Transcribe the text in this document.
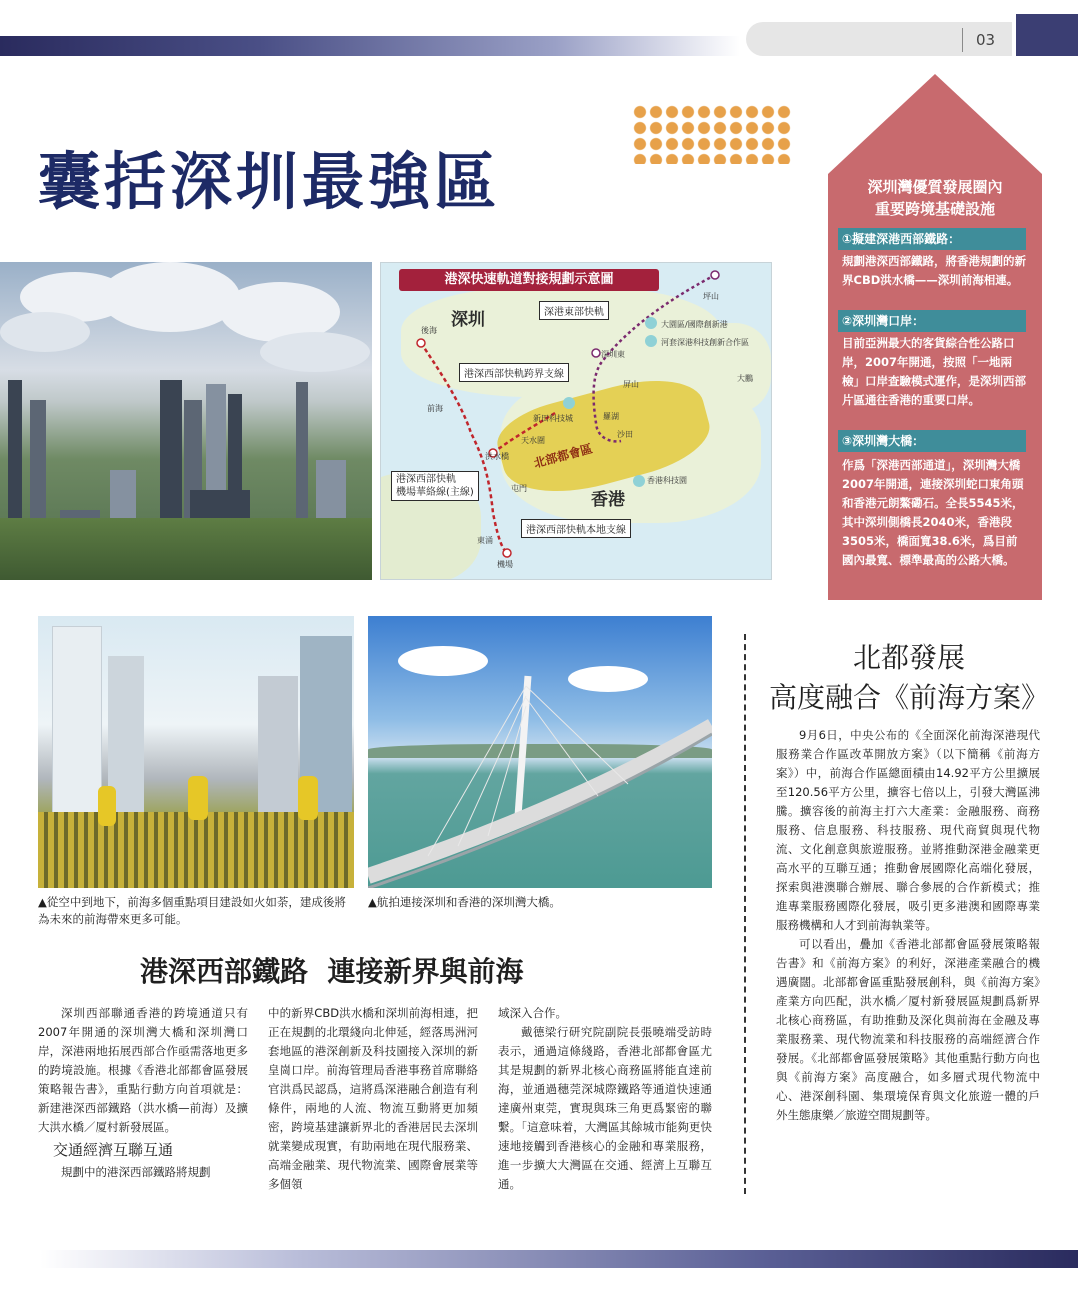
03
囊括深圳最強區
北部都會區
港深快速軌道對接規劃示意圖
深圳
香港
深港東部快軌
港深西部快軌跨界支線
港深西部快軌
機場華絡線(主線)
港深西部快軌本地支線
前海
天水圍
洪水橋
屯門
新田科技城
東涌
機場
羅湖
沙田
香港科技園
坪山
深圳東
大鵬
屏山
大園區/國際創新港
河套深港科技創新合作區
後海
深圳灣優質發展圈內
重要跨境基礎設施
①擬建深港西部鐵路：
規劃港深西部鐵路，將香港規劃的新界CBD洪水橋——深圳前海相連。
②深圳灣口岸：
目前亞洲最大的客貨綜合性公路口岸，2007年開通，按照「一地兩檢」口岸查驗模式運作，是深圳西部片區通往香港的重要口岸。
③深圳灣大橋：
作爲「深港西部通道」，深圳灣大橋2007年開通，連接深圳蛇口東角頭和香港元朗鰲磡石。全長5545米，其中深圳側橋長2040米，香港段3505米，橋面寬38.6米，爲目前國內最寬、標準最高的公路大橋。
▲從空中到地下，前海多個重點項目建設如火如荼，建成後將為未來的前海帶來更多可能。
▲航拍連接深圳和香港的深圳灣大橋。
港深西部鐵路  連接新界與前海

深圳西部聯通香港的跨境通道只有2007年開通的深圳灣大橋和深圳灣口岸，深港兩地拓展西部合作亟需落地更多的跨境設施。根據《香港北部都會區發展策略報告書》，重點行動方向首項就是：新建港深西部鐵路（洪水橋—前海）及擴大洪水橋／厦村新發展區。

交通經濟互聯互通

規劃中的港深西部鐵路將規劃

中的新界CBD洪水橋和深圳前海相連，把正在規劃的北環綫向北伸延，經落馬洲河套地區的港深創新及科技園接入深圳的新皇崗口岸。前海管理局香港事務首席聯絡官洪爲民認爲，這將爲深港融合創造有利條件，兩地的人流、物流互動將更加頻密，跨境基建讓新界北的香港居民去深圳就業變成現實，有助兩地在現代服務業、高端金融業、現代物流業、國際會展業等多個領

域深入合作。

戴德梁行研究院副院長張曉端受訪時表示，通過這條綫路，香港北部都會區尤其是規劃的新界北核心商務區將能直達前海，並通過穗莞深城際鐵路等通道快速通達廣州東莞，實現與珠三角更爲緊密的聯繫。「這意味着，大灣區其餘城市能夠更快速地接觸到香港核心的金融和專業服務，進一步擴大大灣區在交通、經濟上互聯互通。

北都發展
高度融合《前海方案》

9月6日，中央公布的《全面深化前海深港現代服務業合作區改革開放方案》（以下簡稱《前海方案》）中，前海合作區總面積由14.92平方公里擴展至120.56平方公里，擴容七倍以上，引發大灣區沸騰。擴容後的前海主打六大產業：金融服務、商務服務、信息服務、科技服務、現代商貿與現代物流、文化創意與旅遊服務。並將推動深港金融業更高水平的互聯互通；推動會展國際化高端化發展，探索與港澳聯合辦展、聯合參展的合作新模式；推進專業服務國際化發展，吸引更多港澳和國際專業服務機構和人才到前海執業等。

可以看出，疊加《香港北部都會區發展策略報告書》和《前海方案》的利好，深港產業融合的機遇廣闊。北部都會區重點發展創科，與《前海方案》產業方向匹配，洪水橋／厦村新發展區規劃爲新界北核心商務區，有助推動及深化與前海在金融及專業服務業、現代物流業和科技服務的高端經濟合作發展。《北部都會區發展策略》其他重點行動方向也與《前海方案》高度融合，如多層式現代物流中心、港深創科園、集環境保育與文化旅遊一體的戶外生態康樂／旅遊空間規劃等。
